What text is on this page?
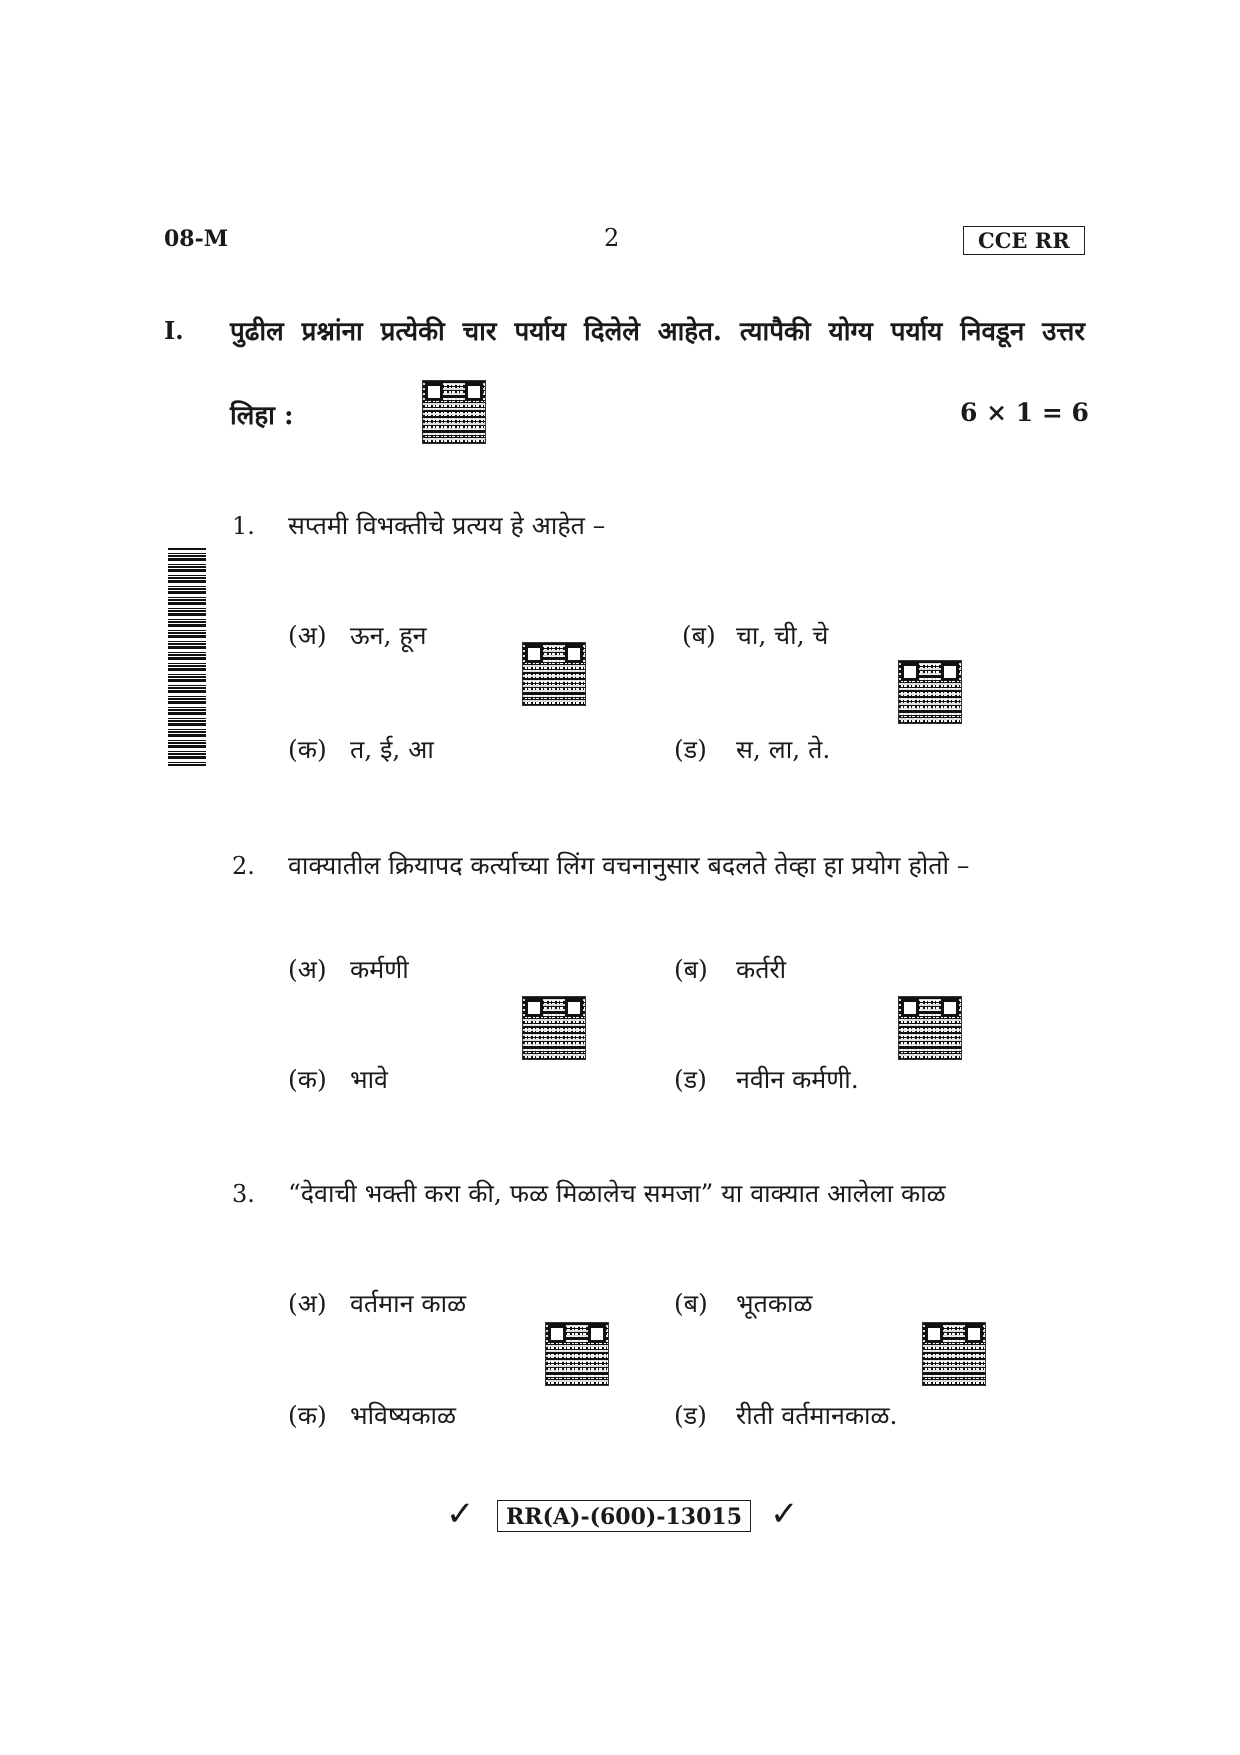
08-M	2	CCE RR
I. पुढील प्रश्नांना प्रत्येकी चार पर्याय दिलेले आहेत. त्यापैकी योग्य पर्याय निवडून उत्तर
लिहा :	6 × 1 = 6
1. सप्तमी विभक्तीचे प्रत्यय हे आहेत –
(अ) ऊन, हून	(ब) चा, ची, चे
(क) त, ई, आ	(ड) स, ला, ते.
2. वाक्यातील क्रियापद कर्त्याच्या लिंग वचनानुसार बदलते तेव्हा हा प्रयोग होतो –
(अ) कर्मणी	(ब) कर्तरी
(क) भावे	(ड) नवीन कर्मणी.
3. “देवाची भक्ती करा की, फळ मिळालेच समजा” या वाक्यात आलेला काळ
(अ) वर्तमान काळ	(ब) भूतकाळ
(क) भविष्यकाळ	(ड) रीती वर्तमानकाळ.
✓	RR(A)-(600)-13015 ✓
